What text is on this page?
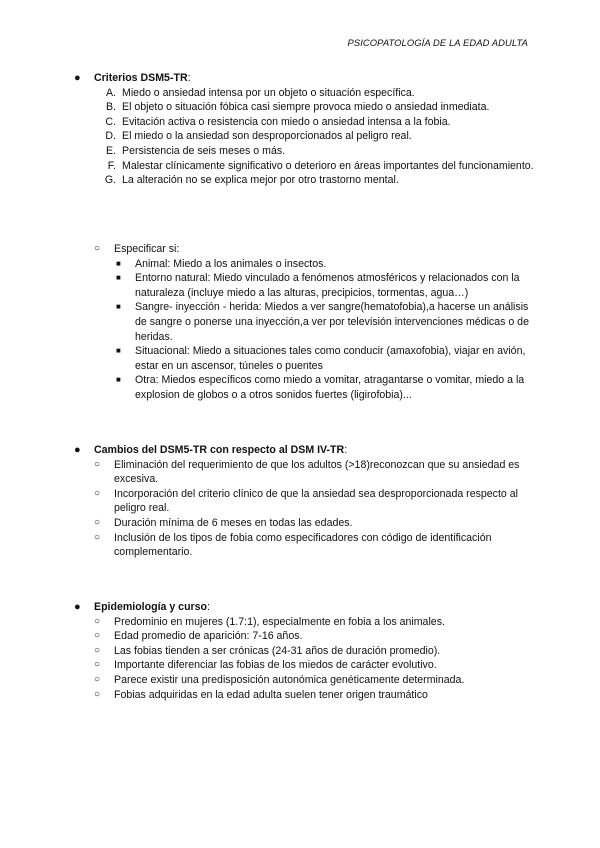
PSICOPATOLOGÍA DE LA EDAD ADULTA
●	Criterios DSM5-TR:
A. Miedo o ansiedad intensa por un objeto o situación específica.
B. El objeto o situación fóbica casi siempre provoca miedo o ansiedad inmediata.
C. Evitación activa o resistencia con miedo o ansiedad intensa a la fobia.
D. El miedo o la ansiedad son desproporcionados al peligro real.
E. Persistencia de seis meses o más.
F. Malestar clínicamente significativo o deterioro en áreas importantes del funcionamiento.
G. La alteración no se explica mejor por otro trastorno mental.
○	Especificar si:
■	Animal: Miedo a los animales o insectos.
■	Entorno natural: Miedo vinculado a fenómenos atmosféricos y relacionados con la naturaleza (incluye miedo a las alturas, precipicios, tormentas, agua…)
■	Sangre- inyección - herida: Miedos a ver sangre(hematofobia),a hacerse un análisis de sangre o ponerse una inyección,a ver por televisión intervenciones médicas o de heridas.
■	Situacional: Miedo a situaciones tales como conducir (amaxofobia), viajar en avión, estar en un ascensor, túneles o puentes
■	Otra: Miedos específicos como miedo a vomitar, atragantarse o vomitar, miedo a la explosion de globos o a otros sonidos fuertes (ligirofobia)...
●	Cambios del DSM5-TR con respecto al DSM IV-TR:
○	Eliminación del requerimiento de que los adultos (>18)reconozcan que su ansiedad es excesiva.
○	Incorporación del criterio clínico de que la ansiedad sea desproporcionada respecto al peligro real.
○	Duración mínima de 6 meses en todas las edades.
○	Inclusión de los tipos de fobia como especificadores con código de identificación complementario.
●	Epidemiología y curso:
○	Predominio en mujeres (1.7:1), especialmente en fobia a los animales.
○	Edad promedio de aparición: 7-16 años.
○	Las fobias tienden a ser crónicas (24-31 años de duración promedio).
○	Importante diferenciar las fobias de los miedos de carácter evolutivo.
○	Parece existir una predisposición autonómica genéticamente determinada.
○	Fobias adquiridas en la edad adulta suelen tener origen traumático
